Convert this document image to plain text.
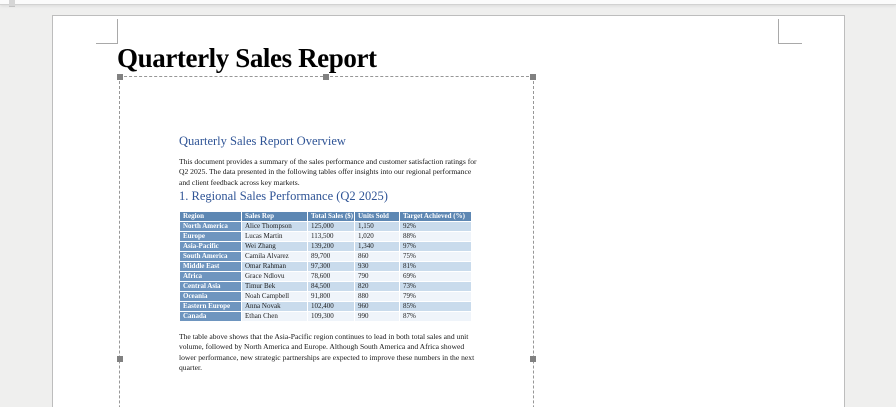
Quarterly Sales Report
Quarterly Sales Report Overview
This document provides a summary of the sales performance and customer satisfaction ratings for
Q2 2025. The data presented in the following tables offer insights into our regional performance
and client feedback across key markets.
1. Regional Sales Performance (Q2 2025)
Region	Sales Rep	Total Sales ($)	Units Sold	Target Achieved (%)
North America	Alice Thompson	125,000	1,150	92%
Europe	Lucas Martin	113,500	1,020	88%
Asia-Pacific	Wei Zhang	139,200	1,340	97%
South America	Camila Alvarez	89,700	860	75%
Middle East	Omar Rahman	97,300	930	81%
Africa	Grace Ndlovu	78,600	790	69%
Central Asia	Timur Bek	84,500	820	73%
Oceania	Noah Campbell	91,800	880	79%
Eastern Europe	Anna Novak	102,400	960	85%
Canada	Ethan Chen	109,300	990	87%
The table above shows that the Asia-Pacific region continues to lead in both total sales and unit
volume, followed by North America and Europe. Although South America and Africa showed
lower performance, new strategic partnerships are expected to improve these numbers in the next
quarter.
